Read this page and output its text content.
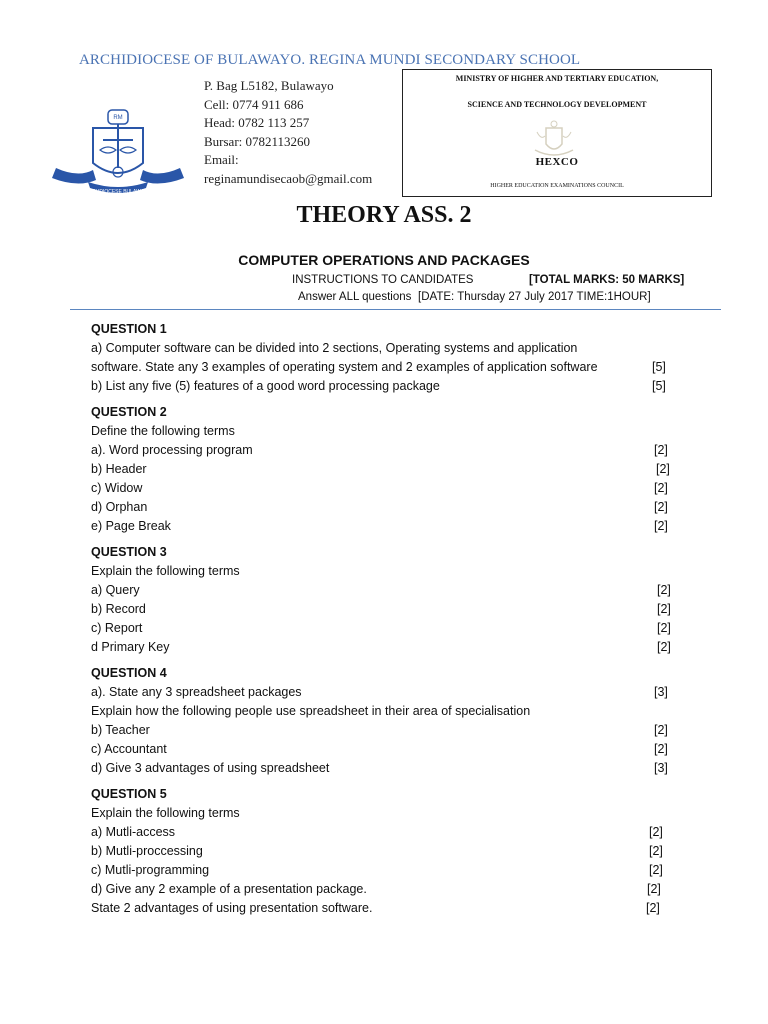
ARCHIDIOCESE OF BULAWAYO. REGINA MUNDI SECONDARY SCHOOL
RM
ARCHDIOCESE BULAWAYO
P. Bag L5182, Bulawayo
Cell: 0774 911 686
Head: 0782 113 257
Bursar: 0782113260
Email:
reginamundisecaob@gmail.com
MINISTRY OF HIGHER AND TERTIARY EDUCATION,
SCIENCE AND TECHNOLOGY DEVELOPMENT
HEXCO
HIGHER EDUCATION EXAMINATIONS COUNCIL
THEORY ASS. 2
COMPUTER OPERATIONS AND PACKAGES
INSTRUCTIONS TO CANDIDATES	[TOTAL MARKS: 50 MARKS]
Answer ALL questions [DATE: Thursday 27 July 2017 TIME:1HOUR]
QUESTION 1
a) Computer software can be divided into 2 sections, Operating systems and application
software. State any 3 examples of operating system and 2 examples of application software	[5]
b) List any five (5) features of a good word processing package	[5]
QUESTION 2
Define the following terms
a). Word processing program	[2]
b) Header	[2]
c) Widow	[2]
d) Orphan	[2]
e) Page Break	[2]
QUESTION 3
Explain the following terms
a) Query	[2]
b) Record	[2]
c) Report	[2]
d Primary Key	[2]
QUESTION 4
a). State any 3 spreadsheet packages	[3]
Explain how the following people use spreadsheet in their area of specialisation
b) Teacher	[2]
c) Accountant	[2]
d) Give 3 advantages of using spreadsheet	[3]
QUESTION 5
Explain the following terms
a) Mutli-access	[2]
b) Mutli-proccessing	[2]
c) Mutli-programming	[2]
d) Give any 2 example of a presentation package.	[2]
State 2 advantages of using presentation software.	[2]
